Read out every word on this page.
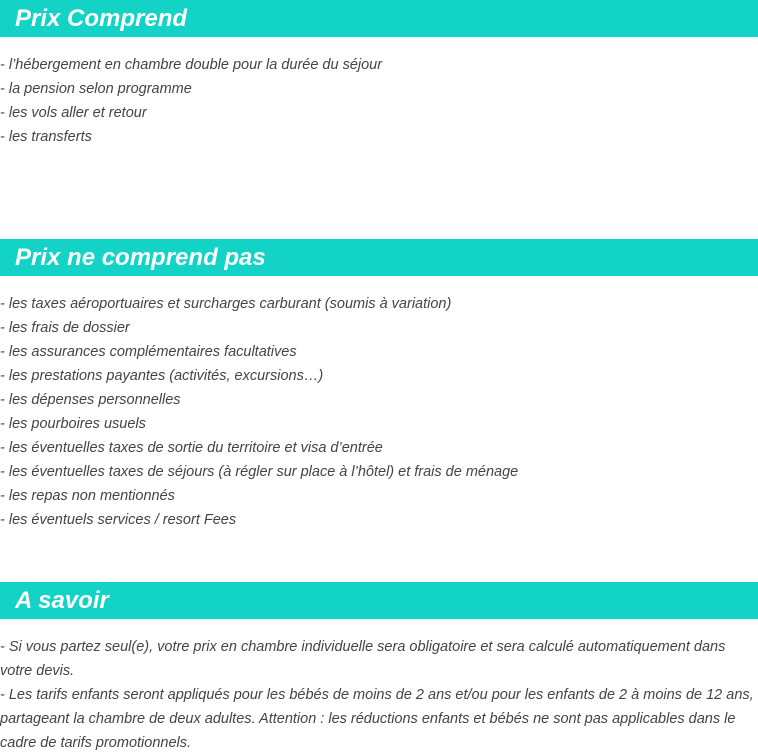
Prix Comprend
- l’hébergement en chambre double pour la durée du séjour
- la pension selon programme
- les vols aller et retour
- les transferts
Prix ne comprend pas
- les taxes aéroportuaires et surcharges carburant (soumis à variation)
- les frais de dossier
- les assurances complémentaires facultatives
- les prestations payantes (activités, excursions…)
- les dépenses personnelles
- les pourboires usuels
- les éventuelles taxes de sortie du territoire et visa d’entrée
- les éventuelles taxes de séjours (à régler sur place à l’hôtel) et frais de ménage
- les repas non mentionnés
- les éventuels services / resort Fees
A savoir
- Si vous partez seul(e), votre prix en chambre individuelle sera obligatoire et sera calculé automatiquement dans votre devis.
- Les tarifs enfants seront appliqués pour les bébés de moins de 2 ans et/ou pour les enfants de 2 à moins de 12 ans, partageant la chambre de deux adultes. Attention : les réductions enfants et bébés ne sont pas applicables dans le cadre de tarifs promotionnels.
